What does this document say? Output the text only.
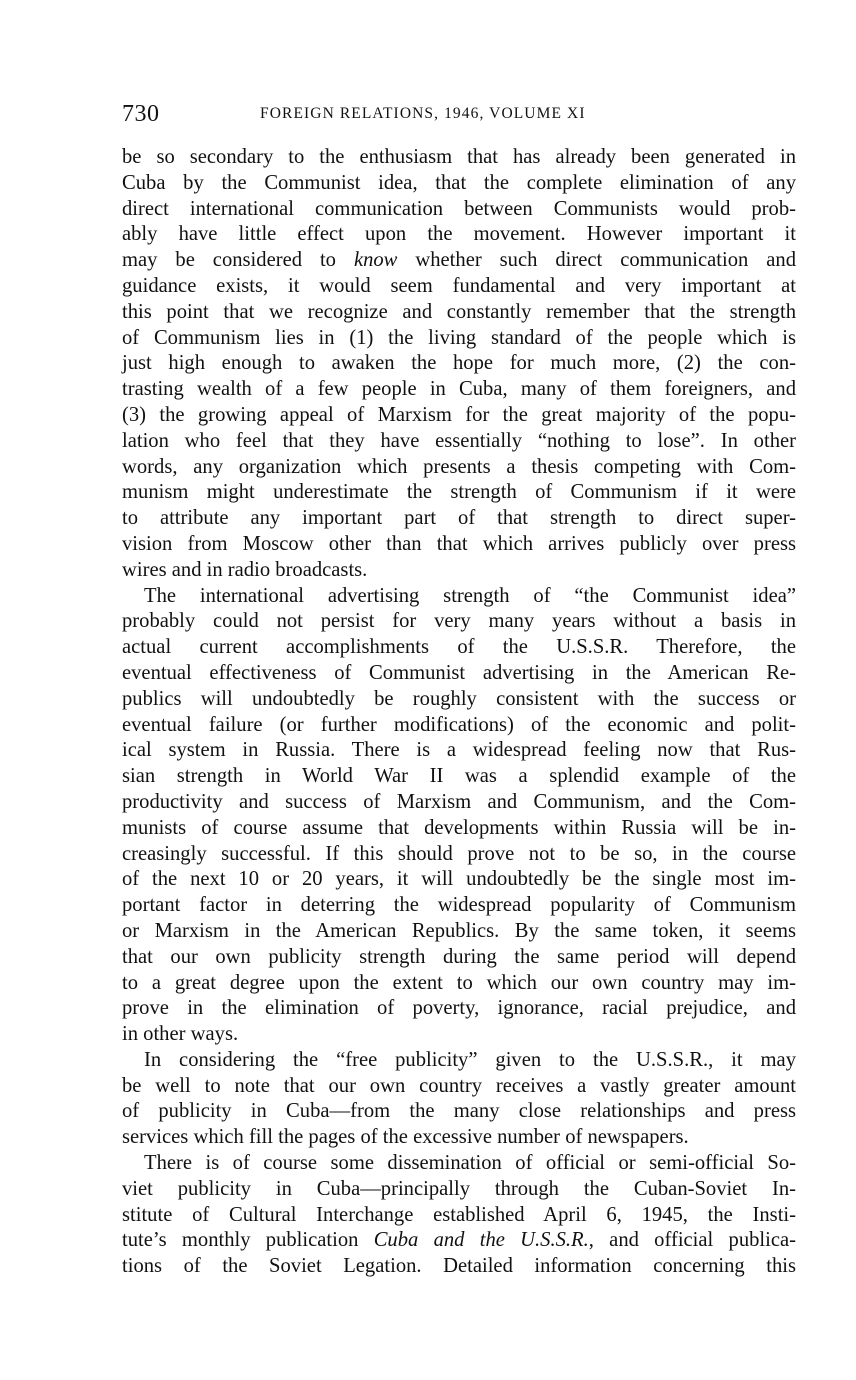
730	FOREIGN RELATIONS, 1946, VOLUME XI
be so secondary to the enthusiasm that has already been generated in
Cuba by the Communist idea, that the complete elimination of any
direct international communication between Communists would prob-
ably have little effect upon the movement. However important it
may be considered to know whether such direct communication and
guidance exists, it would seem fundamental and very important at
this point that we recognize and constantly remember that the strength
of Communism lies in (1) the living standard of the people which is
just high enough to awaken the hope for much more, (2) the con-
trasting wealth of a few people in Cuba, many of them foreigners, and
(3) the growing appeal of Marxism for the great majority of the popu-
lation who feel that they have essentially “nothing to lose”. In other
words, any organization which presents a thesis competing with Com-
munism might underestimate the strength of Communism if it were
to attribute any important part of that strength to direct super-
vision from Moscow other than that which arrives publicly over press
wires and in radio broadcasts.
The international advertising strength of “the Communist idea”
probably could not persist for very many years without a basis in
actual current accomplishments of the U.S.S.R. Therefore, the
eventual effectiveness of Communist advertising in the American Re-
publics will undoubtedly be roughly consistent with the success or
eventual failure (or further modifications) of the economic and polit-
ical system in Russia. There is a widespread feeling now that Rus-
sian strength in World War II was a splendid example of the
productivity and success of Marxism and Communism, and the Com-
munists of course assume that developments within Russia will be in-
creasingly successful. If this should prove not to be so, in the course
of the next 10 or 20 years, it will undoubtedly be the single most im-
portant factor in deterring the widespread popularity of Communism
or Marxism in the American Republics. By the same token, it seems
that our own publicity strength during the same period will depend
to a great degree upon the extent to which our own country may im-
prove in the elimination of poverty, ignorance, racial prejudice, and
in other ways.
In considering the “free publicity” given to the U.S.S.R., it may
be well to note that our own country receives a vastly greater amount
of publicity in Cuba—from the many close relationships and press
services which fill the pages of the excessive number of newspapers.
There is of course some dissemination of official or semi-official So-
viet publicity in Cuba—principally through the Cuban-Soviet In-
stitute of Cultural Interchange established April 6, 1945, the Insti-
tute’s monthly publication Cuba and the U.S.S.R., and official publica-
tions of the Soviet Legation. Detailed information concerning this
